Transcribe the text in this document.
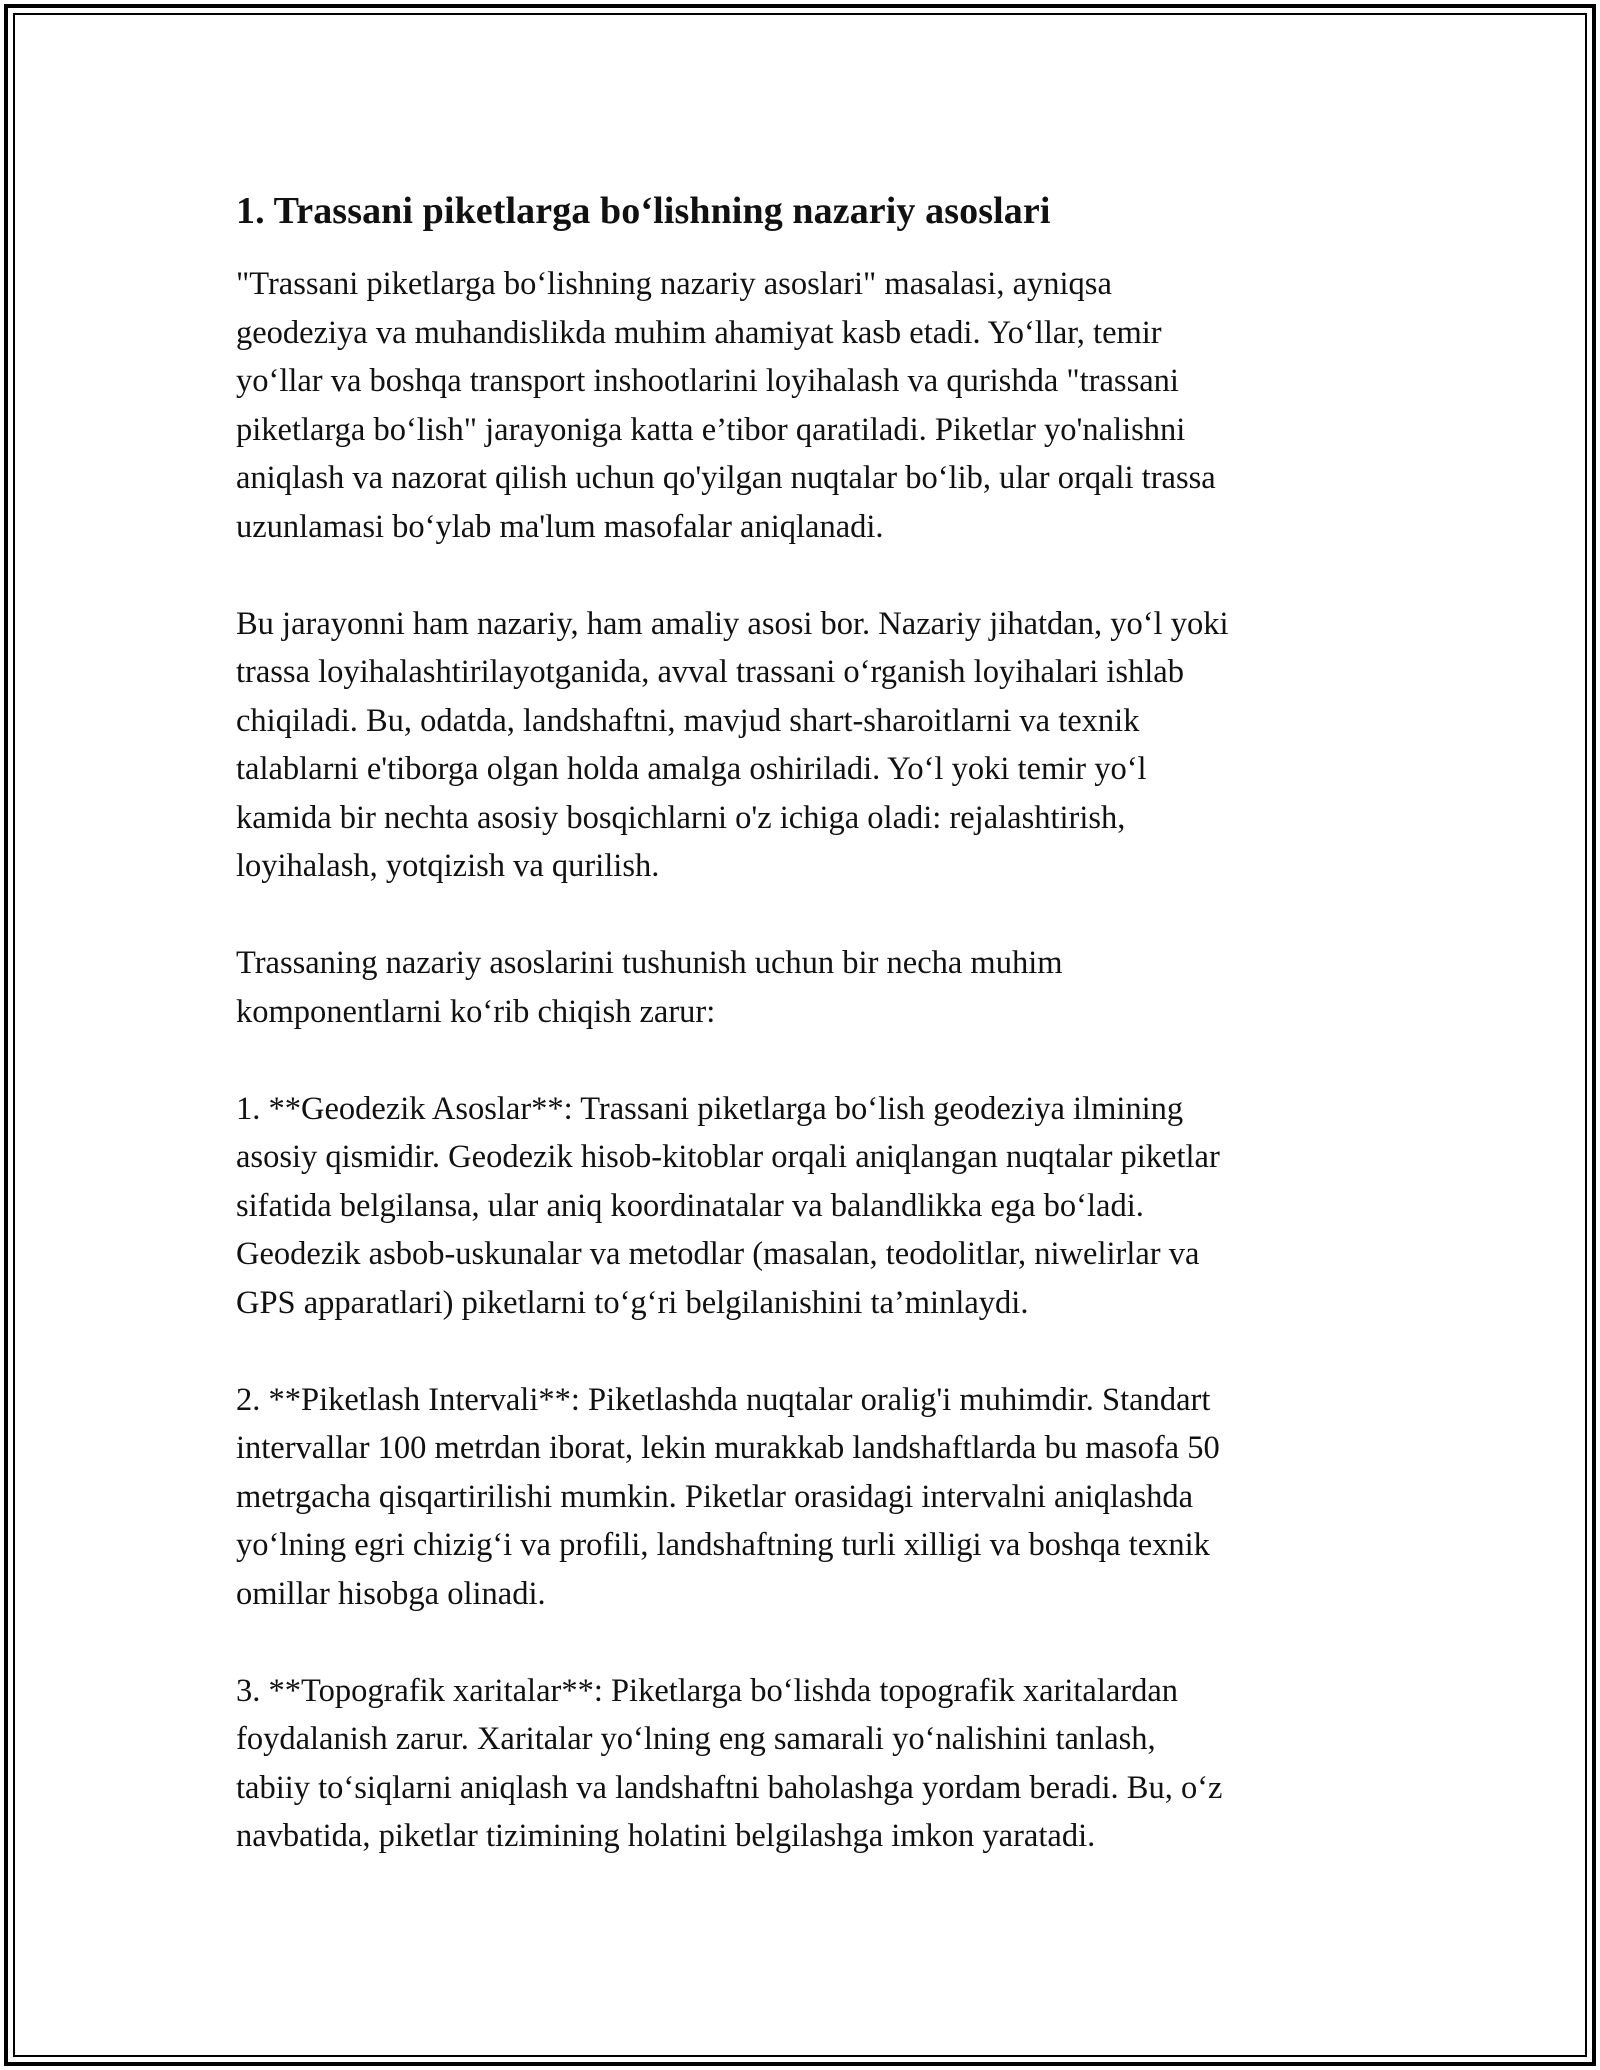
1. Trassani piketlarga bo‘lishning nazariy asoslari

"Trassani piketlarga bo‘lishning nazariy asoslari" masalasi, ayniqsa
geodeziya va muhandislikda muhim ahamiyat kasb etadi. Yo‘llar, temir
yo‘llar va boshqa transport inshootlarini loyihalash va qurishda "trassani
piketlarga bo‘lish" jarayoniga katta e’tibor qaratiladi. Piketlar yo'nalishni
aniqlash va nazorat qilish uchun qo'yilgan nuqtalar bo‘lib, ular orqali trassa
uzunlamasi bo‘ylab ma'lum masofalar aniqlanadi.

Bu jarayonni ham nazariy, ham amaliy asosi bor. Nazariy jihatdan, yo‘l yoki
trassa loyihalashtirilayotganida, avval trassani o‘rganish loyihalari ishlab
chiqiladi. Bu, odatda, landshaftni, mavjud shart-sharoitlarni va texnik
talablarni e'tiborga olgan holda amalga oshiriladi. Yo‘l yoki temir yo‘l
kamida bir nechta asosiy bosqichlarni o'z ichiga oladi: rejalashtirish,
loyihalash, yotqizish va qurilish.

Trassaning nazariy asoslarini tushunish uchun bir necha muhim
komponentlarni ko‘rib chiqish zarur:

1. **Geodezik Asoslar**: Trassani piketlarga bo‘lish geodeziya ilmining
asosiy qismidir. Geodezik hisob-kitoblar orqali aniqlangan nuqtalar piketlar
sifatida belgilansa, ular aniq koordinatalar va balandlikka ega bo‘ladi.
Geodezik asbob-uskunalar va metodlar (masalan, teodolitlar, niwelirlar va
GPS apparatlari) piketlarni to‘g‘ri belgilanishini ta’minlaydi.

2. **Piketlash Intervali**: Piketlashda nuqtalar oralig'i muhimdir. Standart
intervallar 100 metrdan iborat, lekin murakkab landshaftlarda bu masofa 50
metrgacha qisqartirilishi mumkin. Piketlar orasidagi intervalni aniqlashda
yo‘lning egri chizig‘i va profili, landshaftning turli xilligi va boshqa texnik
omillar hisobga olinadi.

3. **Topografik xaritalar**: Piketlarga bo‘lishda topografik xaritalardan
foydalanish zarur. Xaritalar yo‘lning eng samarali yo‘nalishini tanlash,
tabiiy to‘siqlarni aniqlash va landshaftni baholashga yordam beradi. Bu, o‘z
navbatida, piketlar tizimining holatini belgilashga imkon yaratadi.
